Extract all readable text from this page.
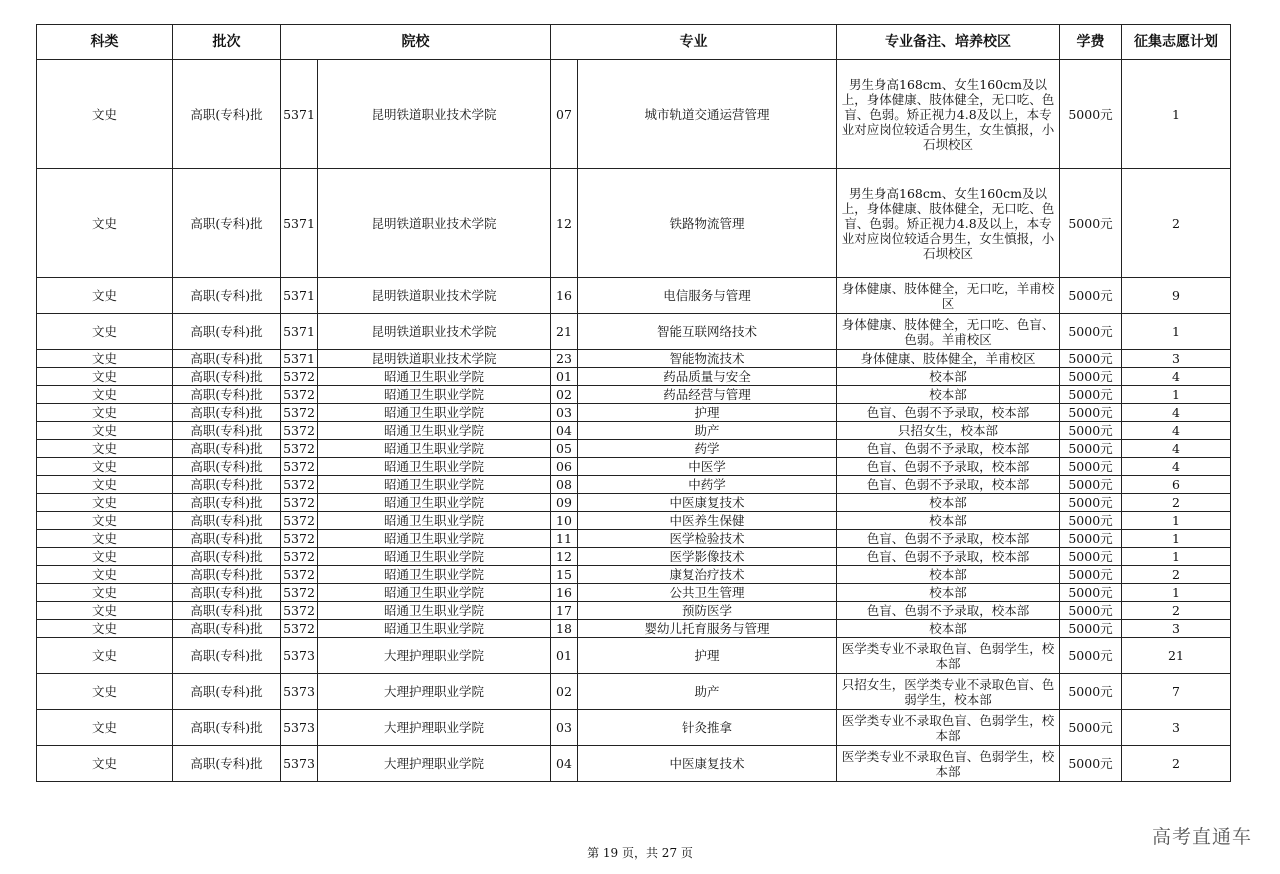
科类	批次	院校		专业		专业备注、培养校区	学费	征集志愿计划
文史	高职(专科)批	5371	昆明铁道职业技术学院	07	城市轨道交通运营管理	男生身高168cm、女生160cm及以上，身体健康、肢体健全，无口吃、色盲、色弱。矫正视力4.8及以上，本专业对应岗位较适合男生，女生慎报，小石坝校区	5000元	1
文史	高职(专科)批	5371	昆明铁道职业技术学院	12	铁路物流管理	男生身高168cm、女生160cm及以上，身体健康、肢体健全，无口吃、色盲、色弱。矫正视力4.8及以上，本专业对应岗位较适合男生，女生慎报，小石坝校区	5000元	2
文史	高职(专科)批	5371	昆明铁道职业技术学院	16	电信服务与管理	身体健康、肢体健全，无口吃，羊甫校区	5000元	9
文史	高职(专科)批	5371	昆明铁道职业技术学院	21	智能互联网络技术	身体健康、肢体健全，无口吃、色盲、色弱。羊甫校区	5000元	1
文史	高职(专科)批	5371	昆明铁道职业技术学院	23	智能物流技术	身体健康、肢体健全，羊甫校区	5000元	3
文史	高职(专科)批	5372	昭通卫生职业学院	01	药品质量与安全	校本部	5000元	4
文史	高职(专科)批	5372	昭通卫生职业学院	02	药品经营与管理	校本部	5000元	1
文史	高职(专科)批	5372	昭通卫生职业学院	03	护理	色盲、色弱不予录取，校本部	5000元	4
文史	高职(专科)批	5372	昭通卫生职业学院	04	助产	只招女生，校本部	5000元	4
文史	高职(专科)批	5372	昭通卫生职业学院	05	药学	色盲、色弱不予录取，校本部	5000元	4
文史	高职(专科)批	5372	昭通卫生职业学院	06	中医学	色盲、色弱不予录取，校本部	5000元	4
文史	高职(专科)批	5372	昭通卫生职业学院	08	中药学	色盲、色弱不予录取，校本部	5000元	6
文史	高职(专科)批	5372	昭通卫生职业学院	09	中医康复技术	校本部	5000元	2
文史	高职(专科)批	5372	昭通卫生职业学院	10	中医养生保健	校本部	5000元	1
文史	高职(专科)批	5372	昭通卫生职业学院	11	医学检验技术	色盲、色弱不予录取，校本部	5000元	1
文史	高职(专科)批	5372	昭通卫生职业学院	12	医学影像技术	色盲、色弱不予录取，校本部	5000元	1
文史	高职(专科)批	5372	昭通卫生职业学院	15	康复治疗技术	校本部	5000元	2
文史	高职(专科)批	5372	昭通卫生职业学院	16	公共卫生管理	校本部	5000元	1
文史	高职(专科)批	5372	昭通卫生职业学院	17	预防医学	色盲、色弱不予录取，校本部	5000元	2
文史	高职(专科)批	5372	昭通卫生职业学院	18	婴幼儿托育服务与管理	校本部	5000元	3
文史	高职(专科)批	5373	大理护理职业学院	01	护理	医学类专业不录取色盲、色弱学生，校本部	5000元	21
文史	高职(专科)批	5373	大理护理职业学院	02	助产	只招女生，医学类专业不录取色盲、色弱学生，校本部	5000元	7
文史	高职(专科)批	5373	大理护理职业学院	03	针灸推拿	医学类专业不录取色盲、色弱学生，校本部	5000元	3
文史	高职(专科)批	5373	大理护理职业学院	04	中医康复技术	医学类专业不录取色盲、色弱学生，校本部	5000元	2
第 19 页，共 27 页
高考直通车
